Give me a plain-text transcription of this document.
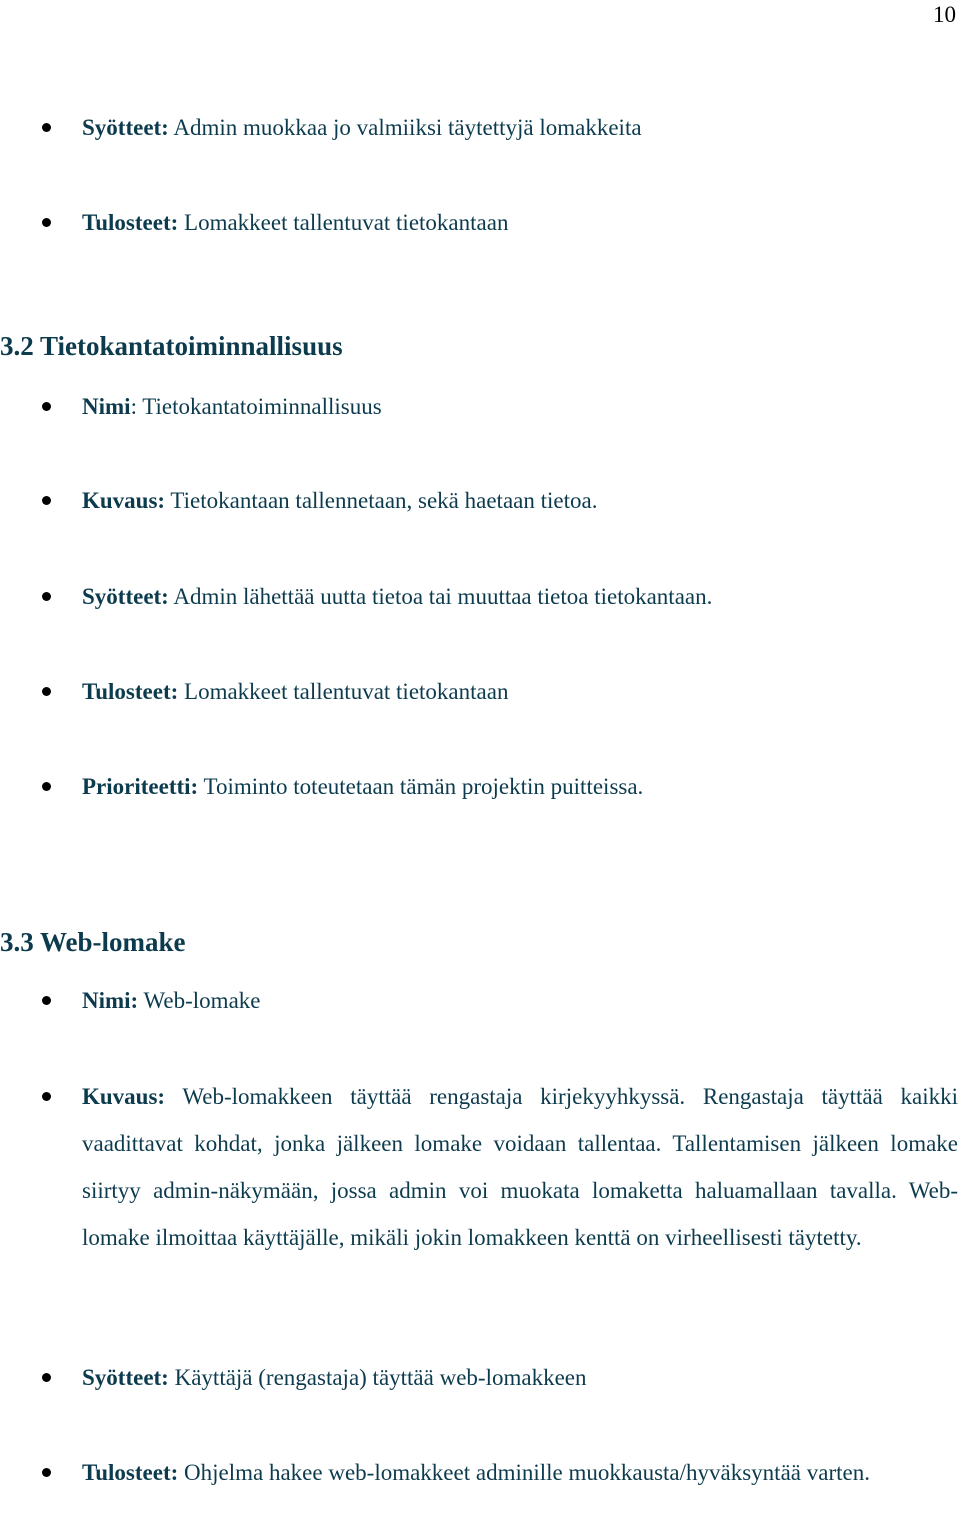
10
Syötteet: Admin muokkaa jo valmiiksi täytettyjä lomakkeita
Tulosteet: Lomakkeet tallentuvat tietokantaan
3.2 Tietokantatoiminnallisuus
Nimi: Tietokantatoiminnallisuus
Kuvaus: Tietokantaan tallennetaan, sekä haetaan tietoa.
Syötteet: Admin lähettää uutta tietoa tai muuttaa tietoa tietokantaan.
Tulosteet: Lomakkeet tallentuvat tietokantaan
Prioriteetti: Toiminto toteutetaan tämän projektin puitteissa.
3.3 Web-lomake
Nimi: Web-lomake
Kuvaus: Web-lomakkeen täyttää rengastaja kirjekyyhkyssä. Rengastaja täyttää kaikki vaadittavat kohdat, jonka jälkeen lomake voidaan tallentaa. Tallentamisen jälkeen lomake siirtyy admin-näkymään, jossa admin voi muokata lomaketta haluamallaan tavalla. Web-lomake ilmoittaa käyttäjälle, mikäli jokin lomakkeen kenttä on virheellisesti täytetty.
Syötteet: Käyttäjä (rengastaja) täyttää web-lomakkeen
Tulosteet: Ohjelma hakee web-lomakkeet adminille muokkausta/hyväksyntää varten.
